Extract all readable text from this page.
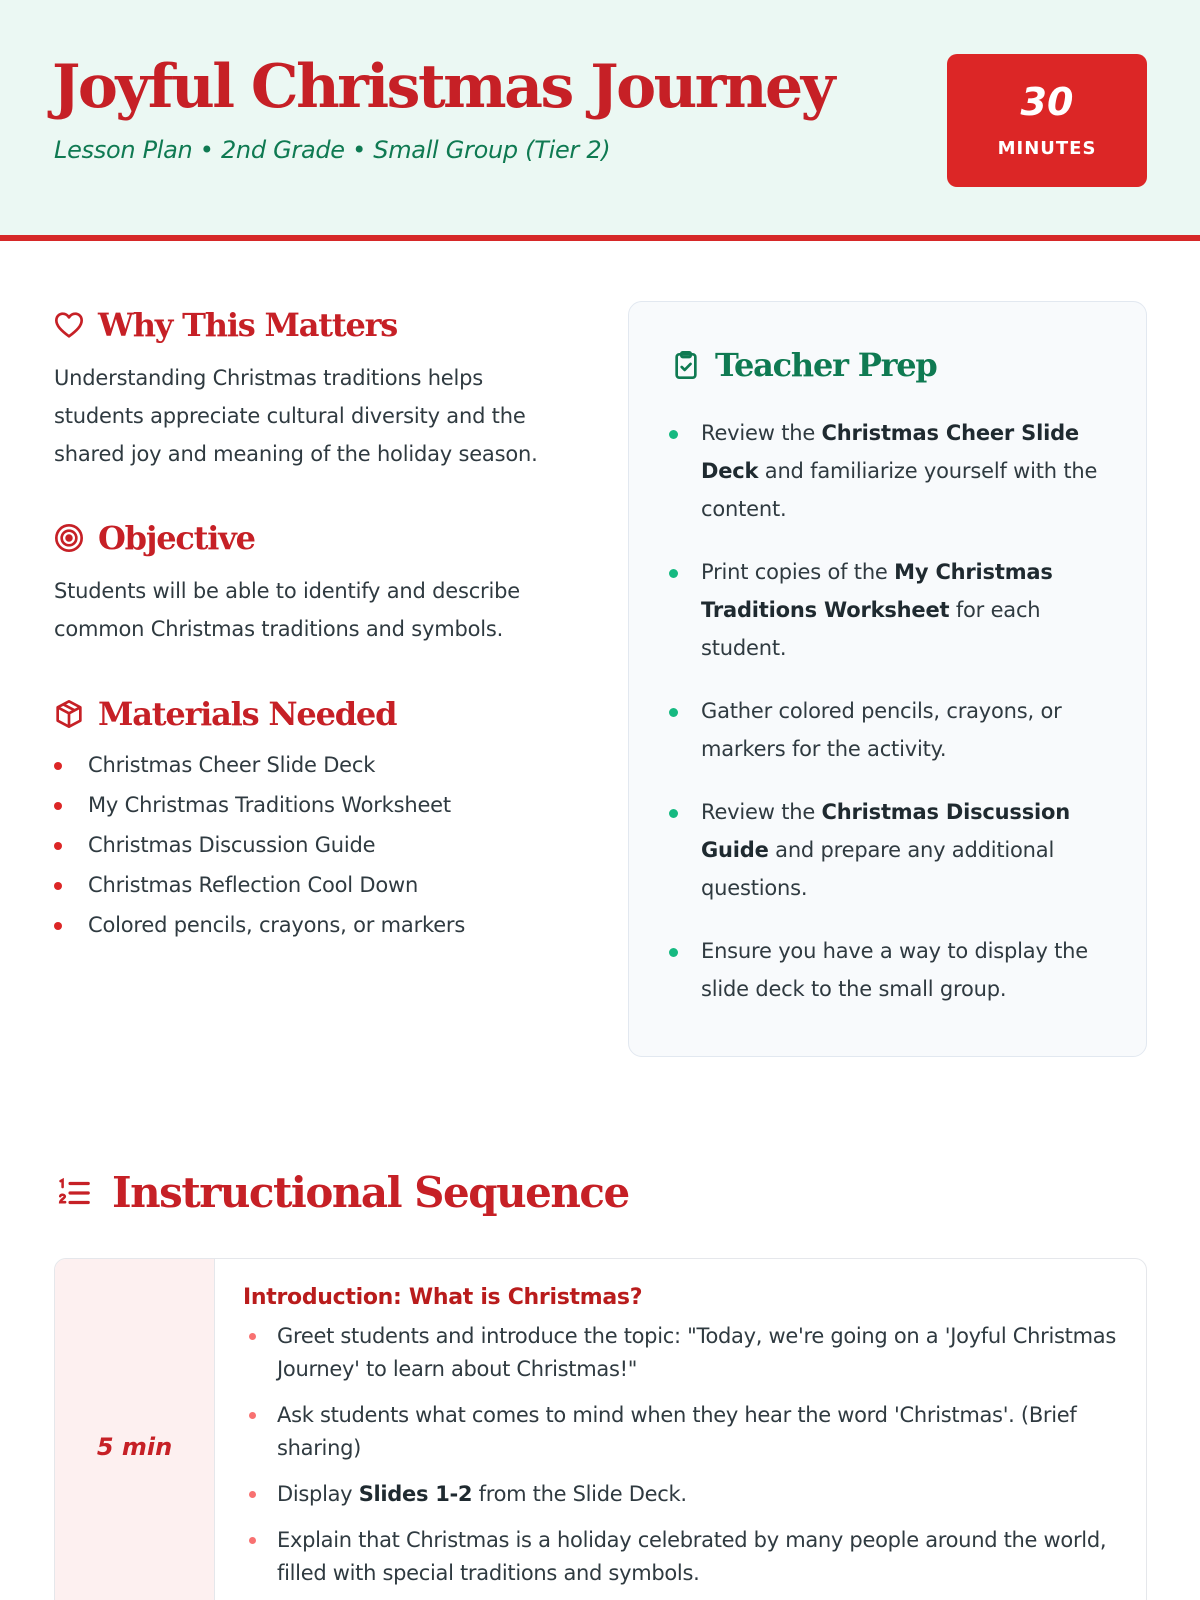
Joyful Christmas Journey
Lesson Plan • 2nd Grade • Small Group (Tier 2)
30
MINUTES
Why This Matters
Understanding Christmas traditions helps students appreciate cultural diversity and the shared joy and meaning of the holiday season.
Objective
Students will be able to identify and describe common Christmas traditions and symbols.
Materials Needed
Christmas Cheer Slide Deck
My Christmas Traditions Worksheet
Christmas Discussion Guide
Christmas Reflection Cool Down
Colored pencils, crayons, or markers
Teacher Prep
Review the Christmas Cheer Slide Deck and familiarize yourself with the content.
Print copies of the My Christmas Traditions Worksheet for each student.
Gather colored pencils, crayons, or markers for the activity.
Review the Christmas Discussion Guide and prepare any additional questions.
Ensure you have a way to display the slide deck to the small group.
Instructional Sequence
5 min
Introduction: What is Christmas?
Greet students and introduce the topic: "Today, we're going on a 'Joyful Christmas Journey' to learn about Christmas!"
Ask students what comes to mind when they hear the word 'Christmas'. (Brief sharing)
Display Slides 1-2 from the Slide Deck.
Explain that Christmas is a holiday celebrated by many people around the world, filled with special traditions and symbols.
